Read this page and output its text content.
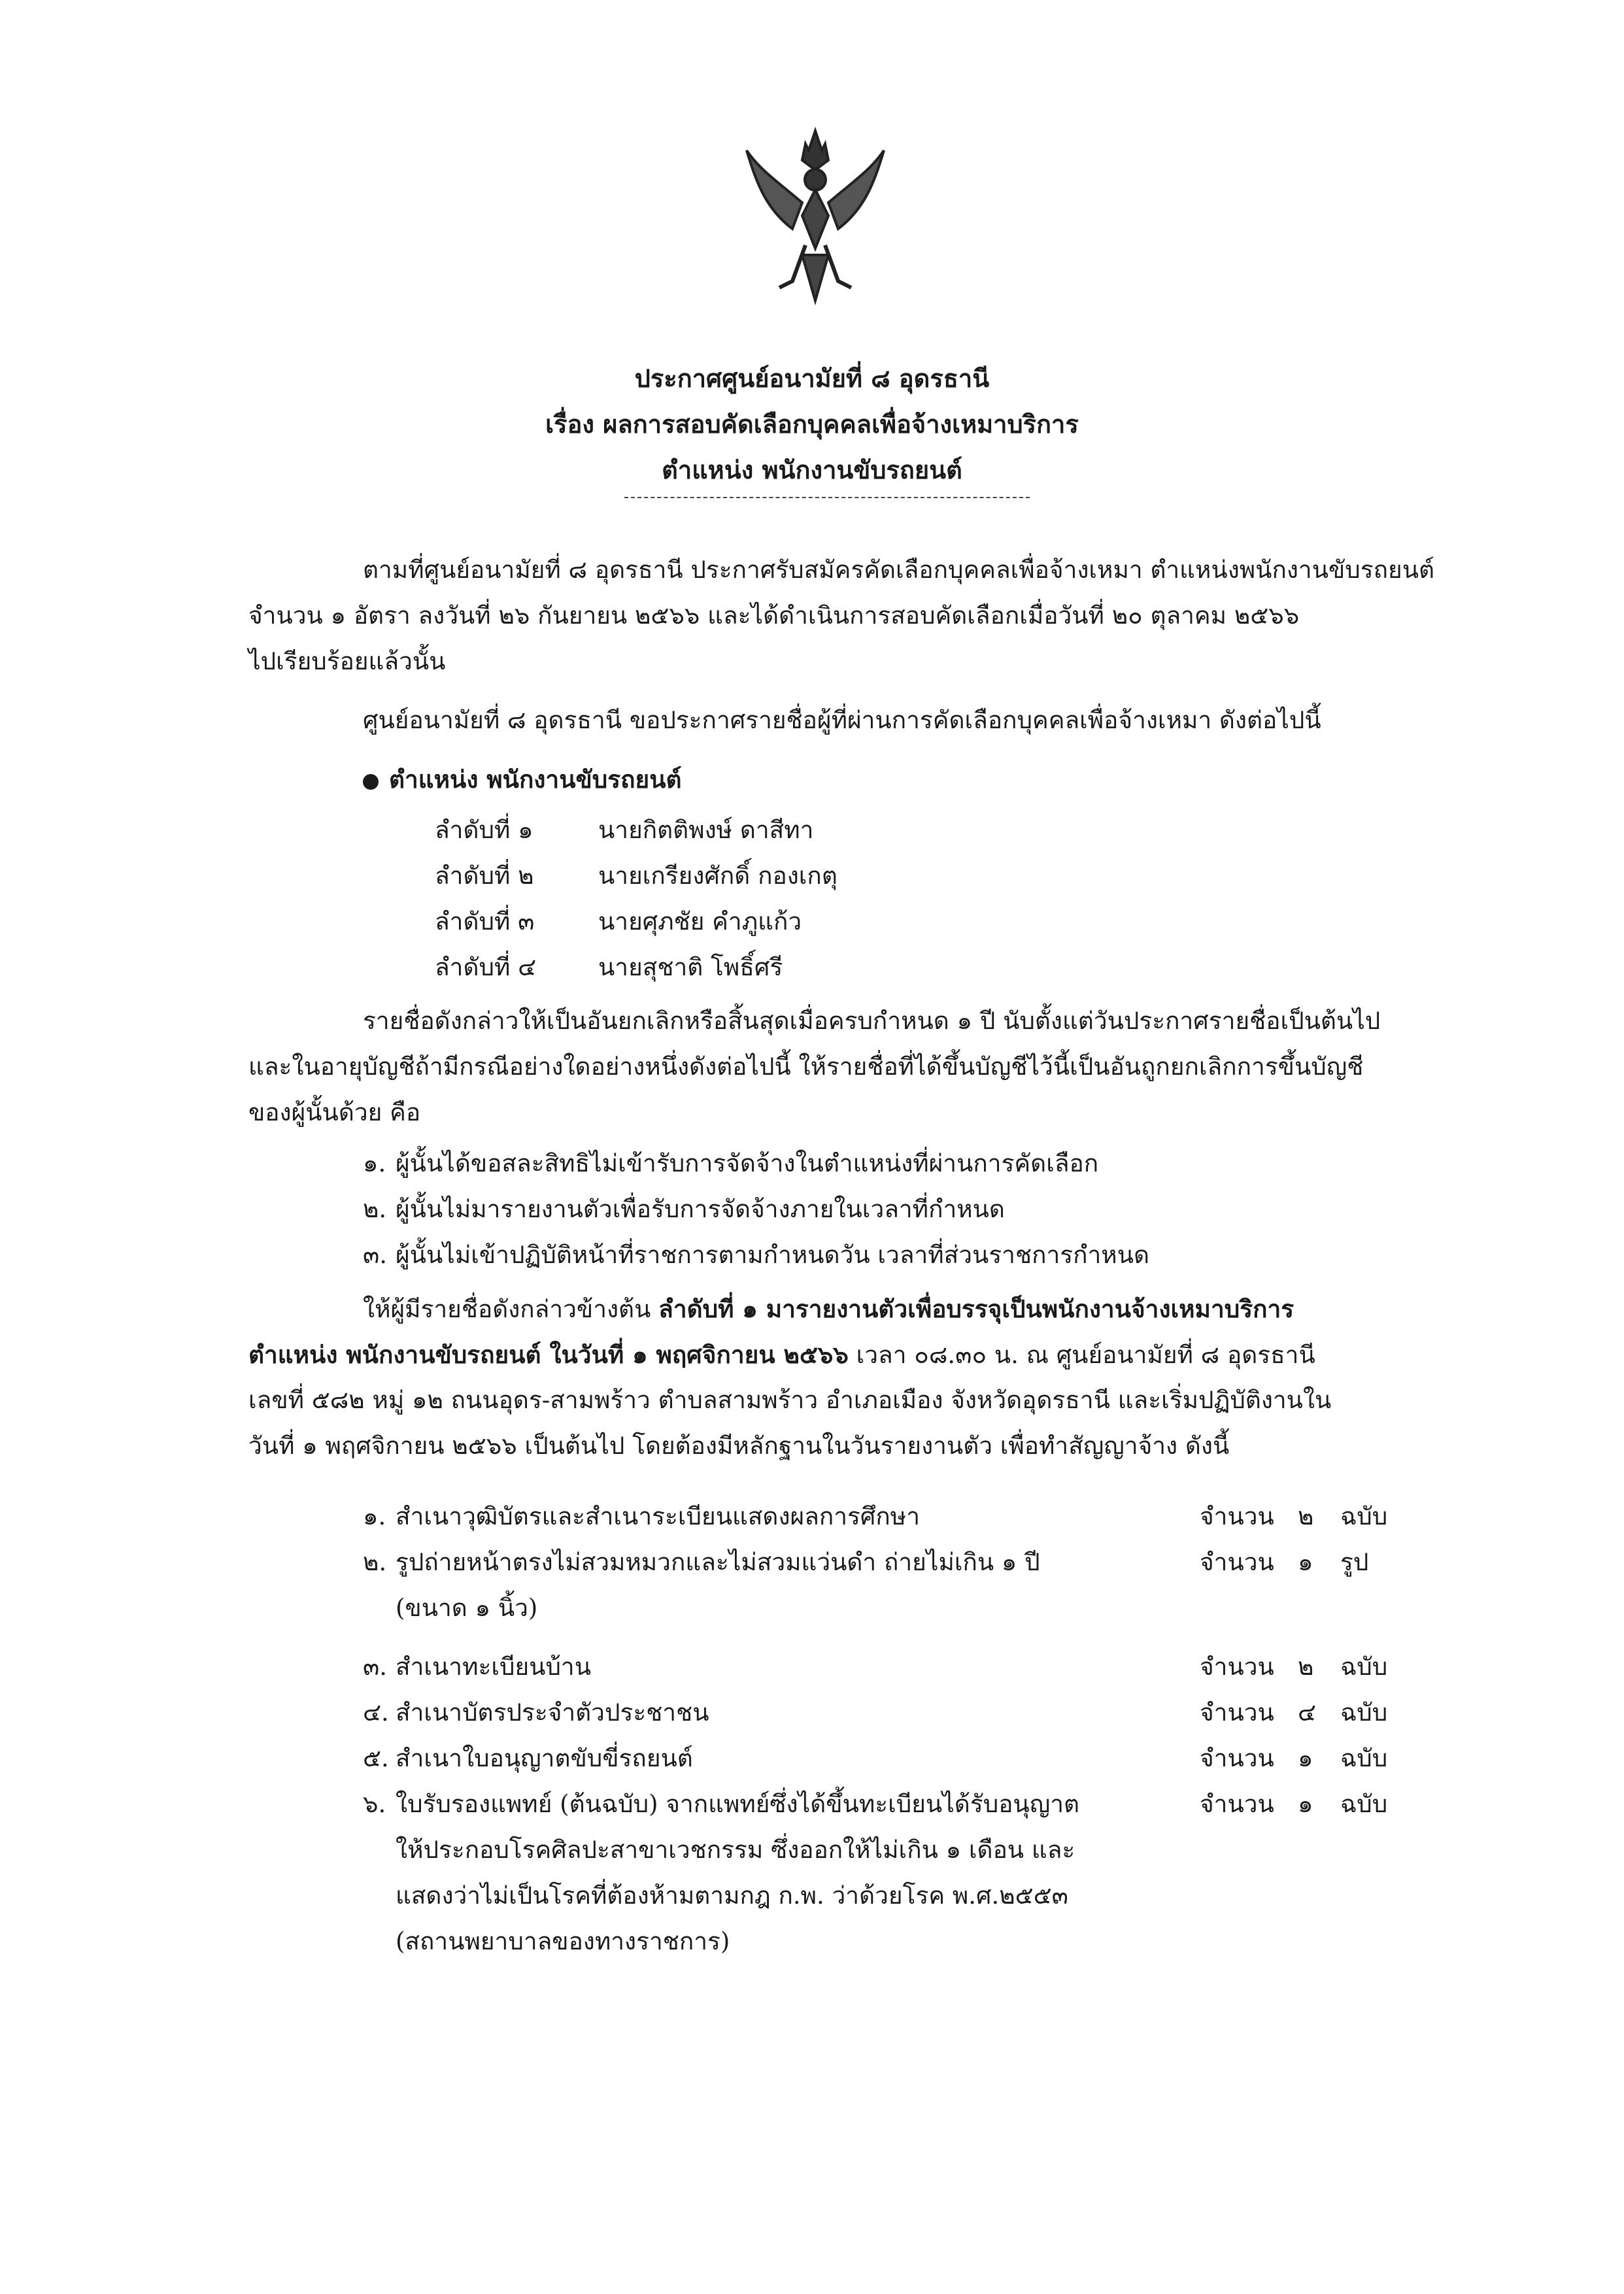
ประกาศศูนย์อนามัยที่ ๘ อุดรธานี
เรื่อง ผลการสอบคัดเลือกบุคคลเพื่อจ้างเหมาบริการ
ตำแหน่ง พนักงานขับรถยนต์
ตามที่ศูนย์อนามัยที่ ๘ อุดรธานี ประกาศรับสมัครคัดเลือกบุคคลเพื่อจ้างเหมา ตำแหน่งพนักงานขับรถยนต์
จำนวน ๑ อัตรา ลงวันที่ ๒๖ กันยายน ๒๕๖๖ และได้ดำเนินการสอบคัดเลือกเมื่อวันที่ ๒๐ ตุลาคม ๒๕๖๖
ไปเรียบร้อยแล้วนั้น
ศูนย์อนามัยที่ ๘ อุดรธานี ขอประกาศรายชื่อผู้ที่ผ่านการคัดเลือกบุคคลเพื่อจ้างเหมา ดังต่อไปนี้
ตำแหน่ง พนักงานขับรถยนต์
ลำดับที่ ๑	นายกิตติพงษ์ ดาสีทา
ลำดับที่ ๒	นายเกรียงศักดิ์ กองเกตุ
ลำดับที่ ๓	นายศุภชัย คำภูแก้ว
ลำดับที่ ๔	นายสุชาติ โพธิ์ศรี
รายชื่อดังกล่าวให้เป็นอันยกเลิกหรือสิ้นสุดเมื่อครบกำหนด ๑ ปี นับตั้งแต่วันประกาศรายชื่อเป็นต้นไป
และในอายุบัญชีถ้ามีกรณีอย่างใดอย่างหนึ่งดังต่อไปนี้ ให้รายชื่อที่ได้ขึ้นบัญชีไว้นี้เป็นอันถูกยกเลิกการขึ้นบัญชี
ของผู้นั้นด้วย คือ
๑. ผู้นั้นได้ขอสละสิทธิไม่เข้ารับการจัดจ้างในตำแหน่งที่ผ่านการคัดเลือก
๒. ผู้นั้นไม่มารายงานตัวเพื่อรับการจัดจ้างภายในเวลาที่กำหนด
๓. ผู้นั้นไม่เข้าปฏิบัติหน้าที่ราชการตามกำหนดวัน เวลาที่ส่วนราชการกำหนด
ให้ผู้มีรายชื่อดังกล่าวข้างต้น ลำดับที่ ๑ มารายงานตัวเพื่อบรรจุเป็นพนักงานจ้างเหมาบริการ
ตำแหน่ง พนักงานขับรถยนต์ ในวันที่ ๑ พฤศจิกายน ๒๕๖๖ เวลา ๐๘.๓๐ น. ณ ศูนย์อนามัยที่ ๘ อุดรธานี
เลขที่ ๕๘๒ หมู่ ๑๒ ถนนอุดร-สามพร้าว ตำบลสามพร้าว อำเภอเมือง จังหวัดอุดรธานี และเริ่มปฏิบัติงานใน
วันที่ ๑ พฤศจิกายน ๒๕๖๖ เป็นต้นไป โดยต้องมีหลักฐานในวันรายงานตัว เพื่อทำสัญญาจ้าง ดังนี้
๑. สำเนาวุฒิบัตรและสำเนาระเบียนแสดงผลการศึกษา	จำนวน ๒ ฉบับ
๒. รูปถ่ายหน้าตรงไม่สวมหมวกและไม่สวมแว่นดำ ถ่ายไม่เกิน ๑ ปี	จำนวน ๑ รูป
(ขนาด ๑ นิ้ว)
๓. สำเนาทะเบียนบ้าน	จำนวน ๒ ฉบับ
๔. สำเนาบัตรประจำตัวประชาชน	จำนวน ๔ ฉบับ
๕. สำเนาใบอนุญาตขับขี่รถยนต์	จำนวน ๑ ฉบับ
๖. ใบรับรองแพทย์ (ต้นฉบับ) จากแพทย์ซึ่งได้ขึ้นทะเบียนได้รับอนุญาต	จำนวน ๑ ฉบับ
ให้ประกอบโรคศิลปะสาขาเวชกรรม ซึ่งออกให้ไม่เกิน ๑ เดือน และ
แสดงว่าไม่เป็นโรคที่ต้องห้ามตามกฎ ก.พ. ว่าด้วยโรค พ.ศ.๒๕๕๓
(สถานพยาบาลของทางราชการ)
